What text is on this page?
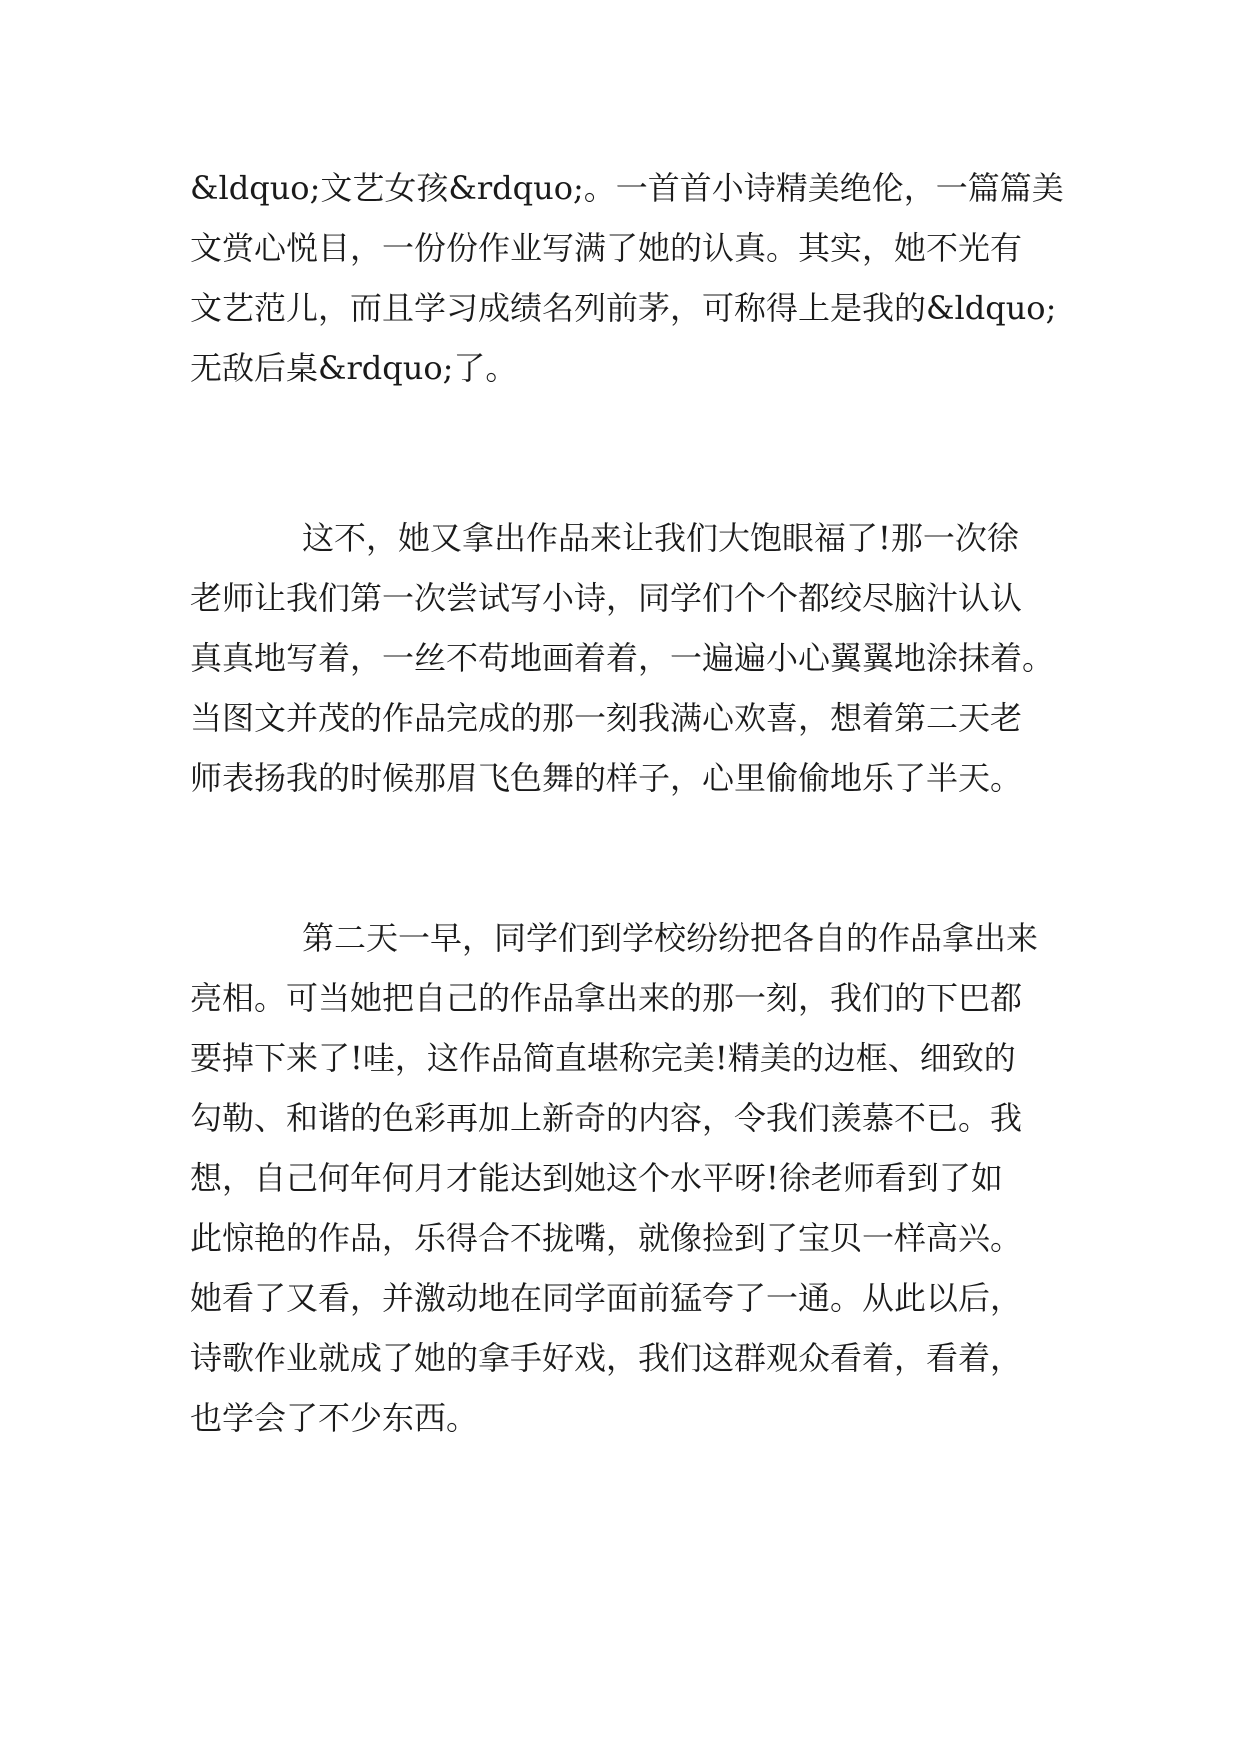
&ldquo;文艺女孩&rdquo;。一首首小诗精美绝伦，一篇篇美
文赏心悦目，一份份作业写满了她的认真。其实，她不光有
文艺范儿，而且学习成绩名列前茅，可称得上是我的&ldquo;
无敌后桌&rdquo;了。
这不，她又拿出作品来让我们大饱眼福了!那一次徐
老师让我们第一次尝试写小诗，同学们个个都绞尽脑汁认认
真真地写着，一丝不苟地画着着，一遍遍小心翼翼地涂抹着。
当图文并茂的作品完成的那一刻我满心欢喜，想着第二天老
师表扬我的时候那眉飞色舞的样子，心里偷偷地乐了半天。
第二天一早，同学们到学校纷纷把各自的作品拿出来
亮相。可当她把自己的作品拿出来的那一刻，我们的下巴都
要掉下来了!哇，这作品简直堪称完美!精美的边框、细致的
勾勒、和谐的色彩再加上新奇的内容，令我们羡慕不已。我
想，自己何年何月才能达到她这个水平呀!徐老师看到了如
此惊艳的作品，乐得合不拢嘴，就像捡到了宝贝一样高兴。
她看了又看，并激动地在同学面前猛夸了一通。从此以后，
诗歌作业就成了她的拿手好戏，我们这群观众看着，看着，
也学会了不少东西。
